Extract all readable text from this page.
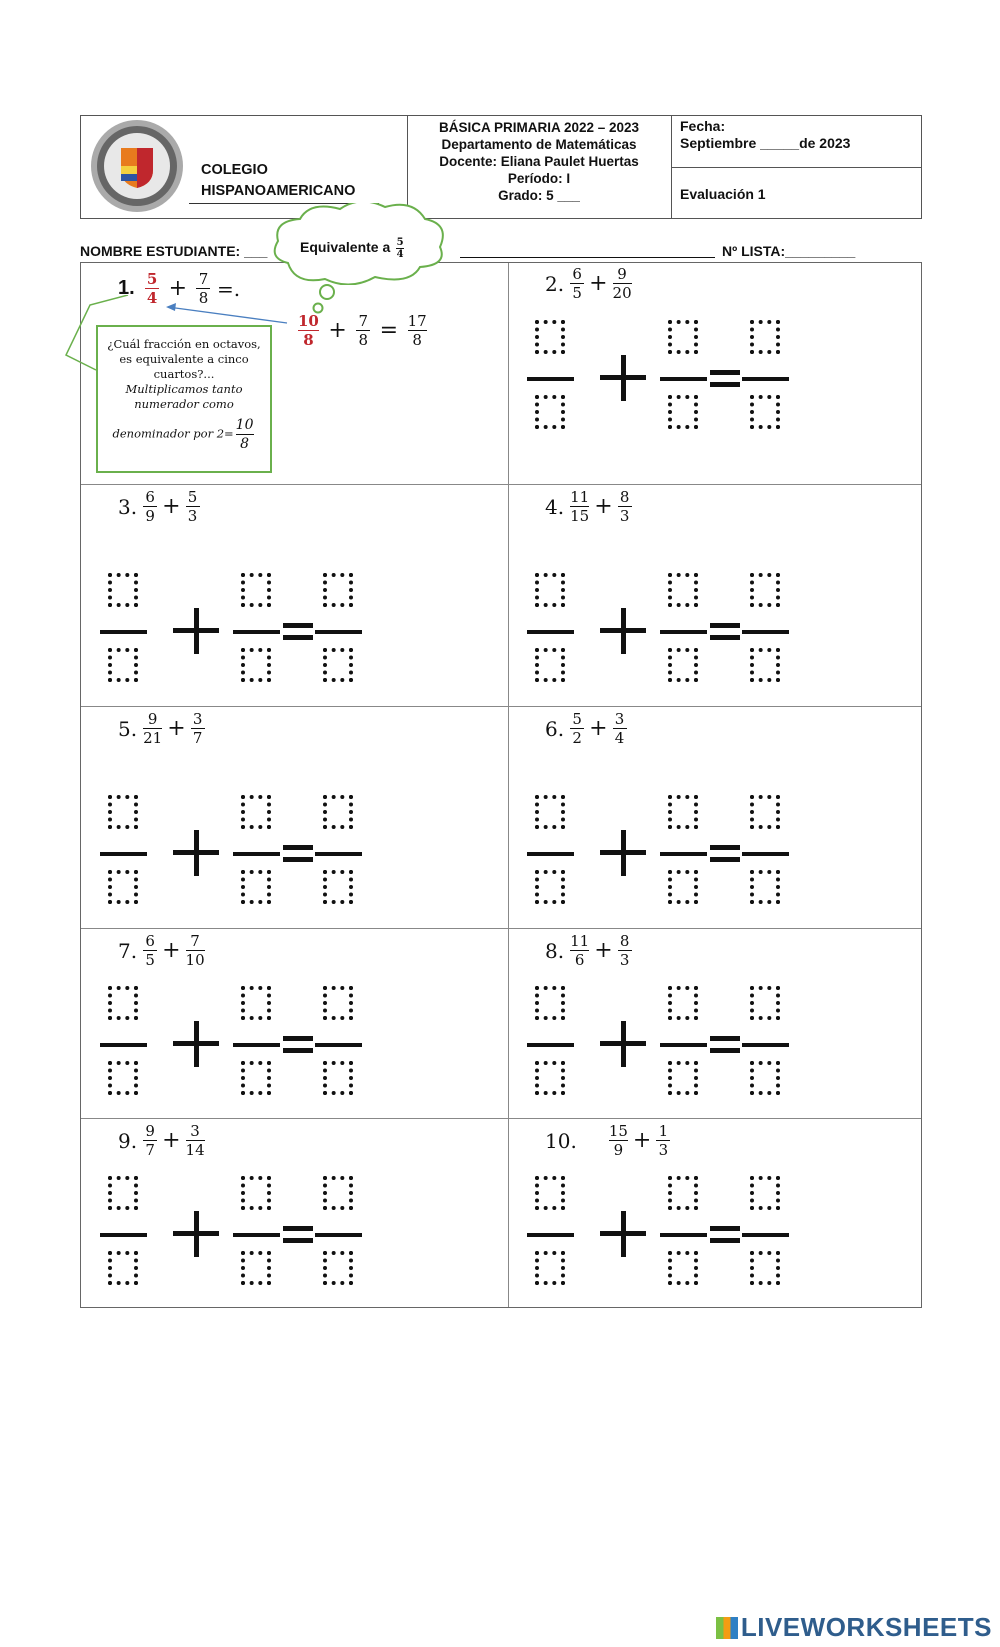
COLEGIO
HISPANOAMERICANO
BÁSICA PRIMARIA 2022 – 2023
Departamento de Matemáticas
Docente: Eliana Paulet Huertas
Período: I
Grado: 5 ___
Fecha:
Septiembre _____de 2023
Evaluación 1
NOMBRE ESTUDIANTE: ___	Nº LISTA:_________
1. $\frac{5}{4} + \frac{7}{8}$ =.
Equivalente a $\frac{5}{4}$
$\frac{10}{8} + \frac{7}{8} = \frac{17}{8}$
¿Cuál fracción en octavos,
es equivalente a cinco
cuartos?...
Multiplicamos tanto
numerador como
denominador por $2= \frac{10}{8}$
2. $\frac{6}{5} + \frac{9}{20}$
3. $\frac{6}{9} + \frac{5}{3}$	4. $\frac{11}{15} + \frac{8}{3}$
5. $\frac{9}{21} + \frac{3}{7}$	6. $\frac{5}{2} + \frac{3}{4}$
7. $\frac{6}{5} + \frac{7}{10}$	8. $\frac{11}{6} + \frac{8}{3}$
9. $\frac{9}{7} + \frac{3}{14}$	10. $\frac{15}{9} + \frac{1}{3}$
LIVEWORKSHEETS
